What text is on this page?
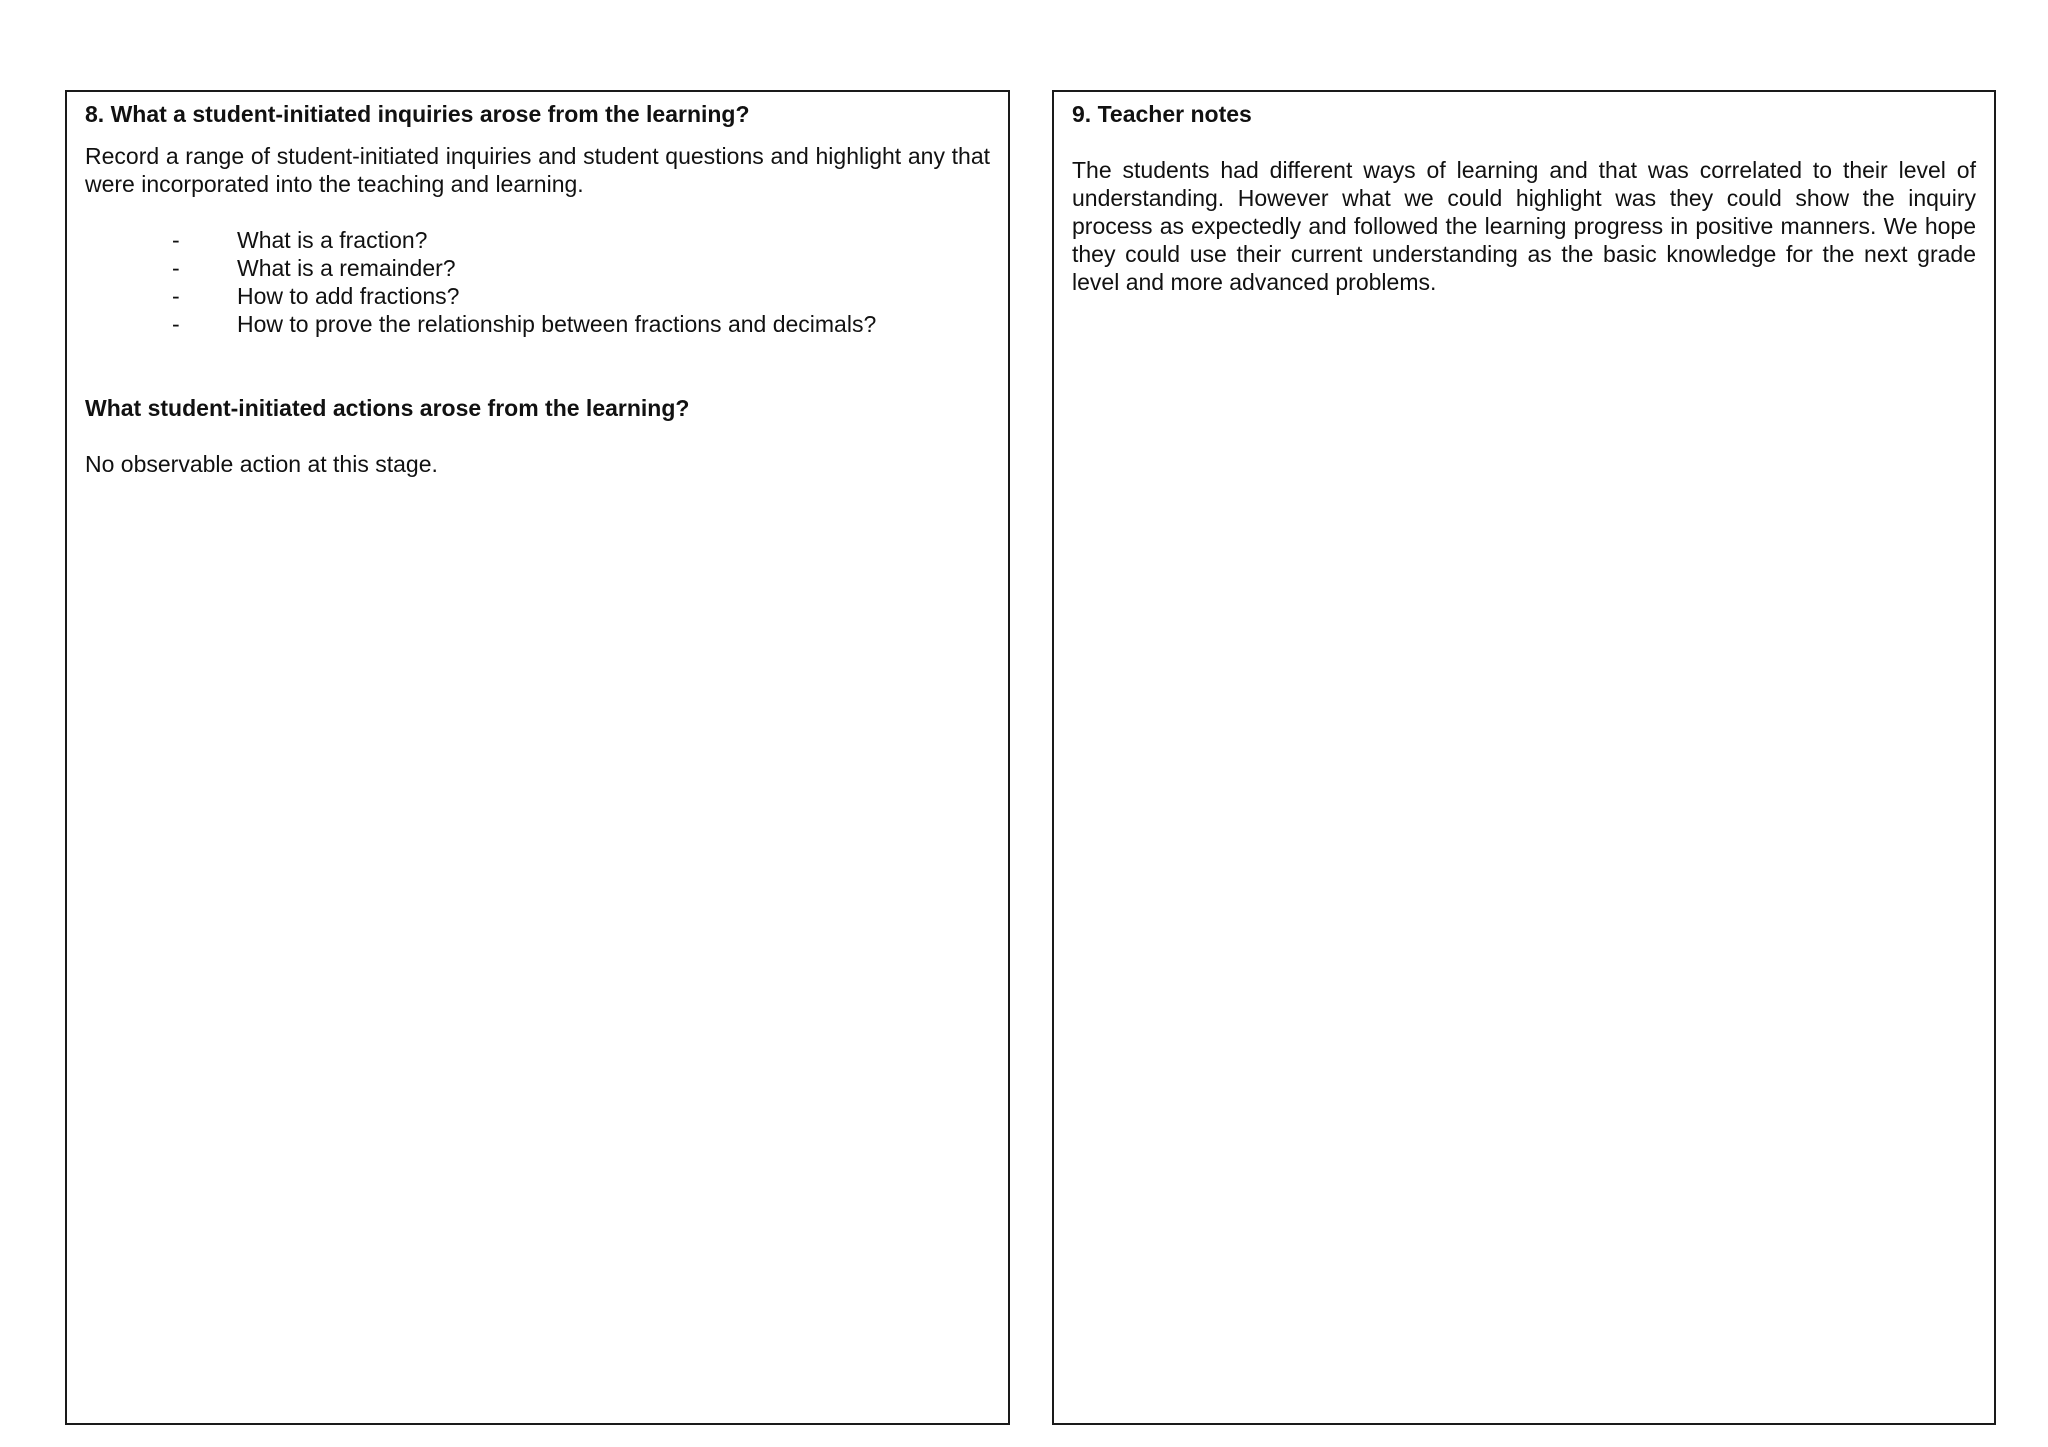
8. What a student-initiated inquiries arose from the learning?

Record a range of student-initiated inquiries and student questions and highlight any that were incorporated into the teaching and learning.

-	What is a fraction?
-	What is a remainder?
-	How to add fractions?
-	How to prove the relationship between fractions and decimals?

What student-initiated actions arose from the learning?

No observable action at this stage.

9. Teacher notes

The students had different ways of learning and that was correlated to their level of understanding. However what we could highlight was they could show the inquiry process as expectedly and followed the learning progress in positive manners. We hope they could use their current understanding as the basic knowledge for the next grade level and more advanced problems.
